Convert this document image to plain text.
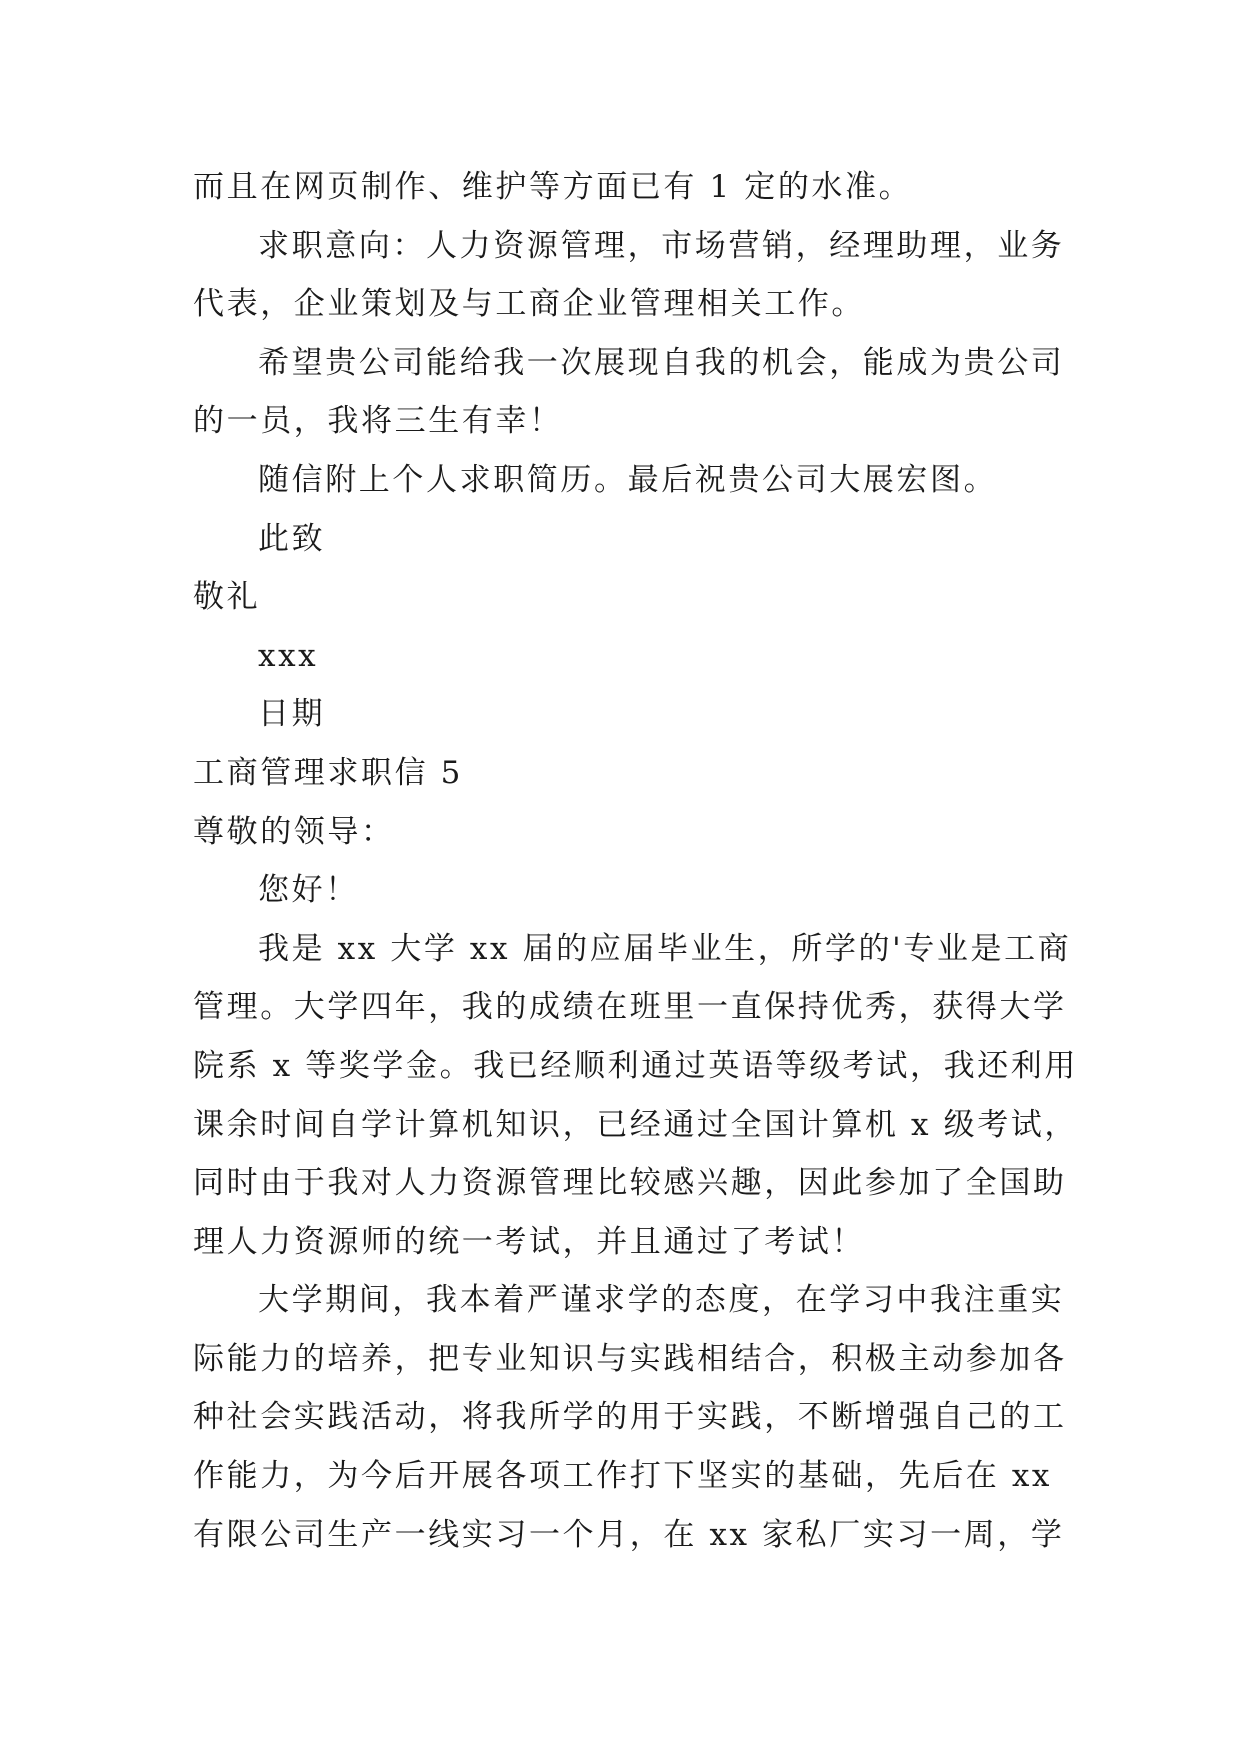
而且在网页制作、维护等方面已有 1 定的水准。
求职意向：人力资源管理，市场营销，经理助理，业务
代表，企业策划及与工商企业管理相关工作。
希望贵公司能给我一次展现自我的机会，能成为贵公司
的一员，我将三生有幸！
随信附上个人求职简历。最后祝贵公司大展宏图。
此致
敬礼
xxx
日期
工商管理求职信 5
尊敬的领导：
您好！
我是 xx 大学 xx 届的应届毕业生，所学的'专业是工商
管理。大学四年，我的成绩在班里一直保持优秀，获得大学
院系 x 等奖学金。我已经顺利通过英语等级考试，我还利用
课余时间自学计算机知识，已经通过全国计算机 x 级考试，
同时由于我对人力资源管理比较感兴趣，因此参加了全国助
理人力资源师的统一考试，并且通过了考试！
大学期间，我本着严谨求学的态度，在学习中我注重实
际能力的培养，把专业知识与实践相结合，积极主动参加各
种社会实践活动，将我所学的用于实践，不断增强自己的工
作能力，为今后开展各项工作打下坚实的基础，先后在 xx
有限公司生产一线实习一个月，在 xx 家私厂实习一周，学
